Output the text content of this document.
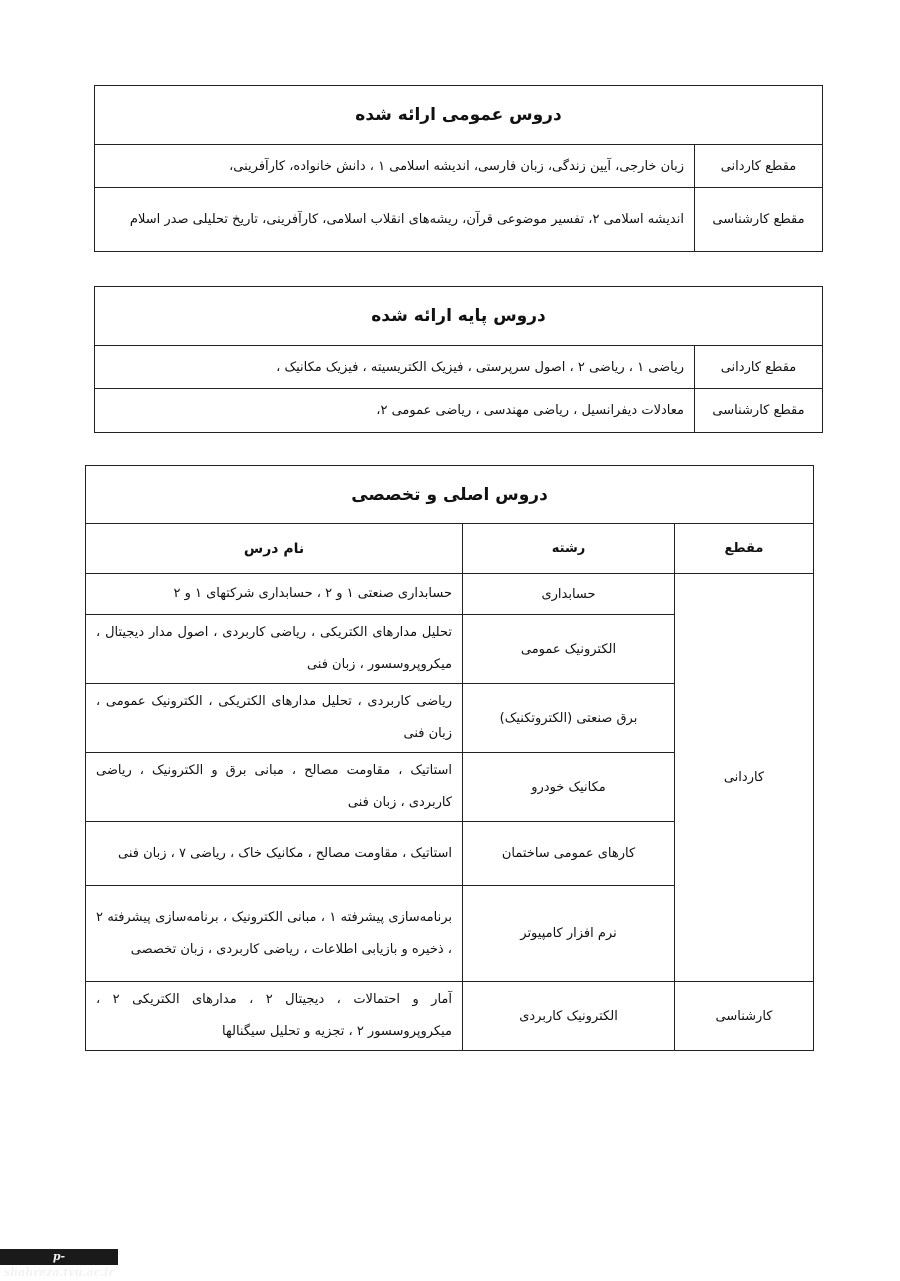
دروس عمومی ارائه شده	
مقطع کاردانی	زبان خارجی، آیین زندگی، زبان فارسی، اندیشه اسلامی ۱ ، دانش خانواده، کارآفرینی،
مقطع کارشناسی	اندیشه اسلامی ۲، تفسیر موضوعی قرآن، ریشه‌های انقلاب اسلامی، کارآفرینی، تاریخ تحلیلی صدر اسلام
دروس پایه ارائه شده	
مقطع کاردانی	ریاضی ۱ ، ریاضی ۲ ، اصول سرپرستی ، فیزیک الکتریسیته ، فیزیک مکانیک ،
مقطع کارشناسی	معادلات دیفرانسیل ، ریاضی مهندسی ، ریاضی عمومی ۲،
دروس اصلی و تخصصی		
مقطع	رشته	نام درس
کاردانی	حسابداری	حسابداری صنعتی ۱ و ۲ ، حسابداری شرکتهای ۱ و ۲
	الکترونیک عمومی	تحلیل مدارهای الکتریکی ، ریاضی کاربردی ، اصول مدار دیجیتال ، میکروپروسسور ، زبان فنی
	برق صنعتی (الکتروتکنیک)	ریاضی کاربردی ، تحلیل مدارهای الکتریکی ، الکترونیک عمومی ، زبان فنی
	مکانیک خودرو	استاتیک ، مقاومت مصالح ، مبانی برق و الکترونیک ، ریاضی کاربردی ، زبان فنی
	کارهای عمومی ساختمان	استاتیک ، مقاومت مصالح ، مکانیک خاک ، ریاضی ۷ ، زبان فنی
	نرم افزار کامپیوتر	برنامه‌سازی پیشرفته ۱ ، مبانی الکترونیک ، برنامه‌سازی پیشرفته ۲ ، ذخیره و بازیابی اطلاعات ، ریاضی کاربردی ، زبان تخصصی
کارشناسی	الکترونیک کاربردی	آمار و احتمالات ، دیجیتال ۲ ، مدارهای الکتریکی ۲ ، میکروپروسسور ۲ ، تجزیه و تحلیل سیگنالها
p-shahreza.tvu.ac.ir
